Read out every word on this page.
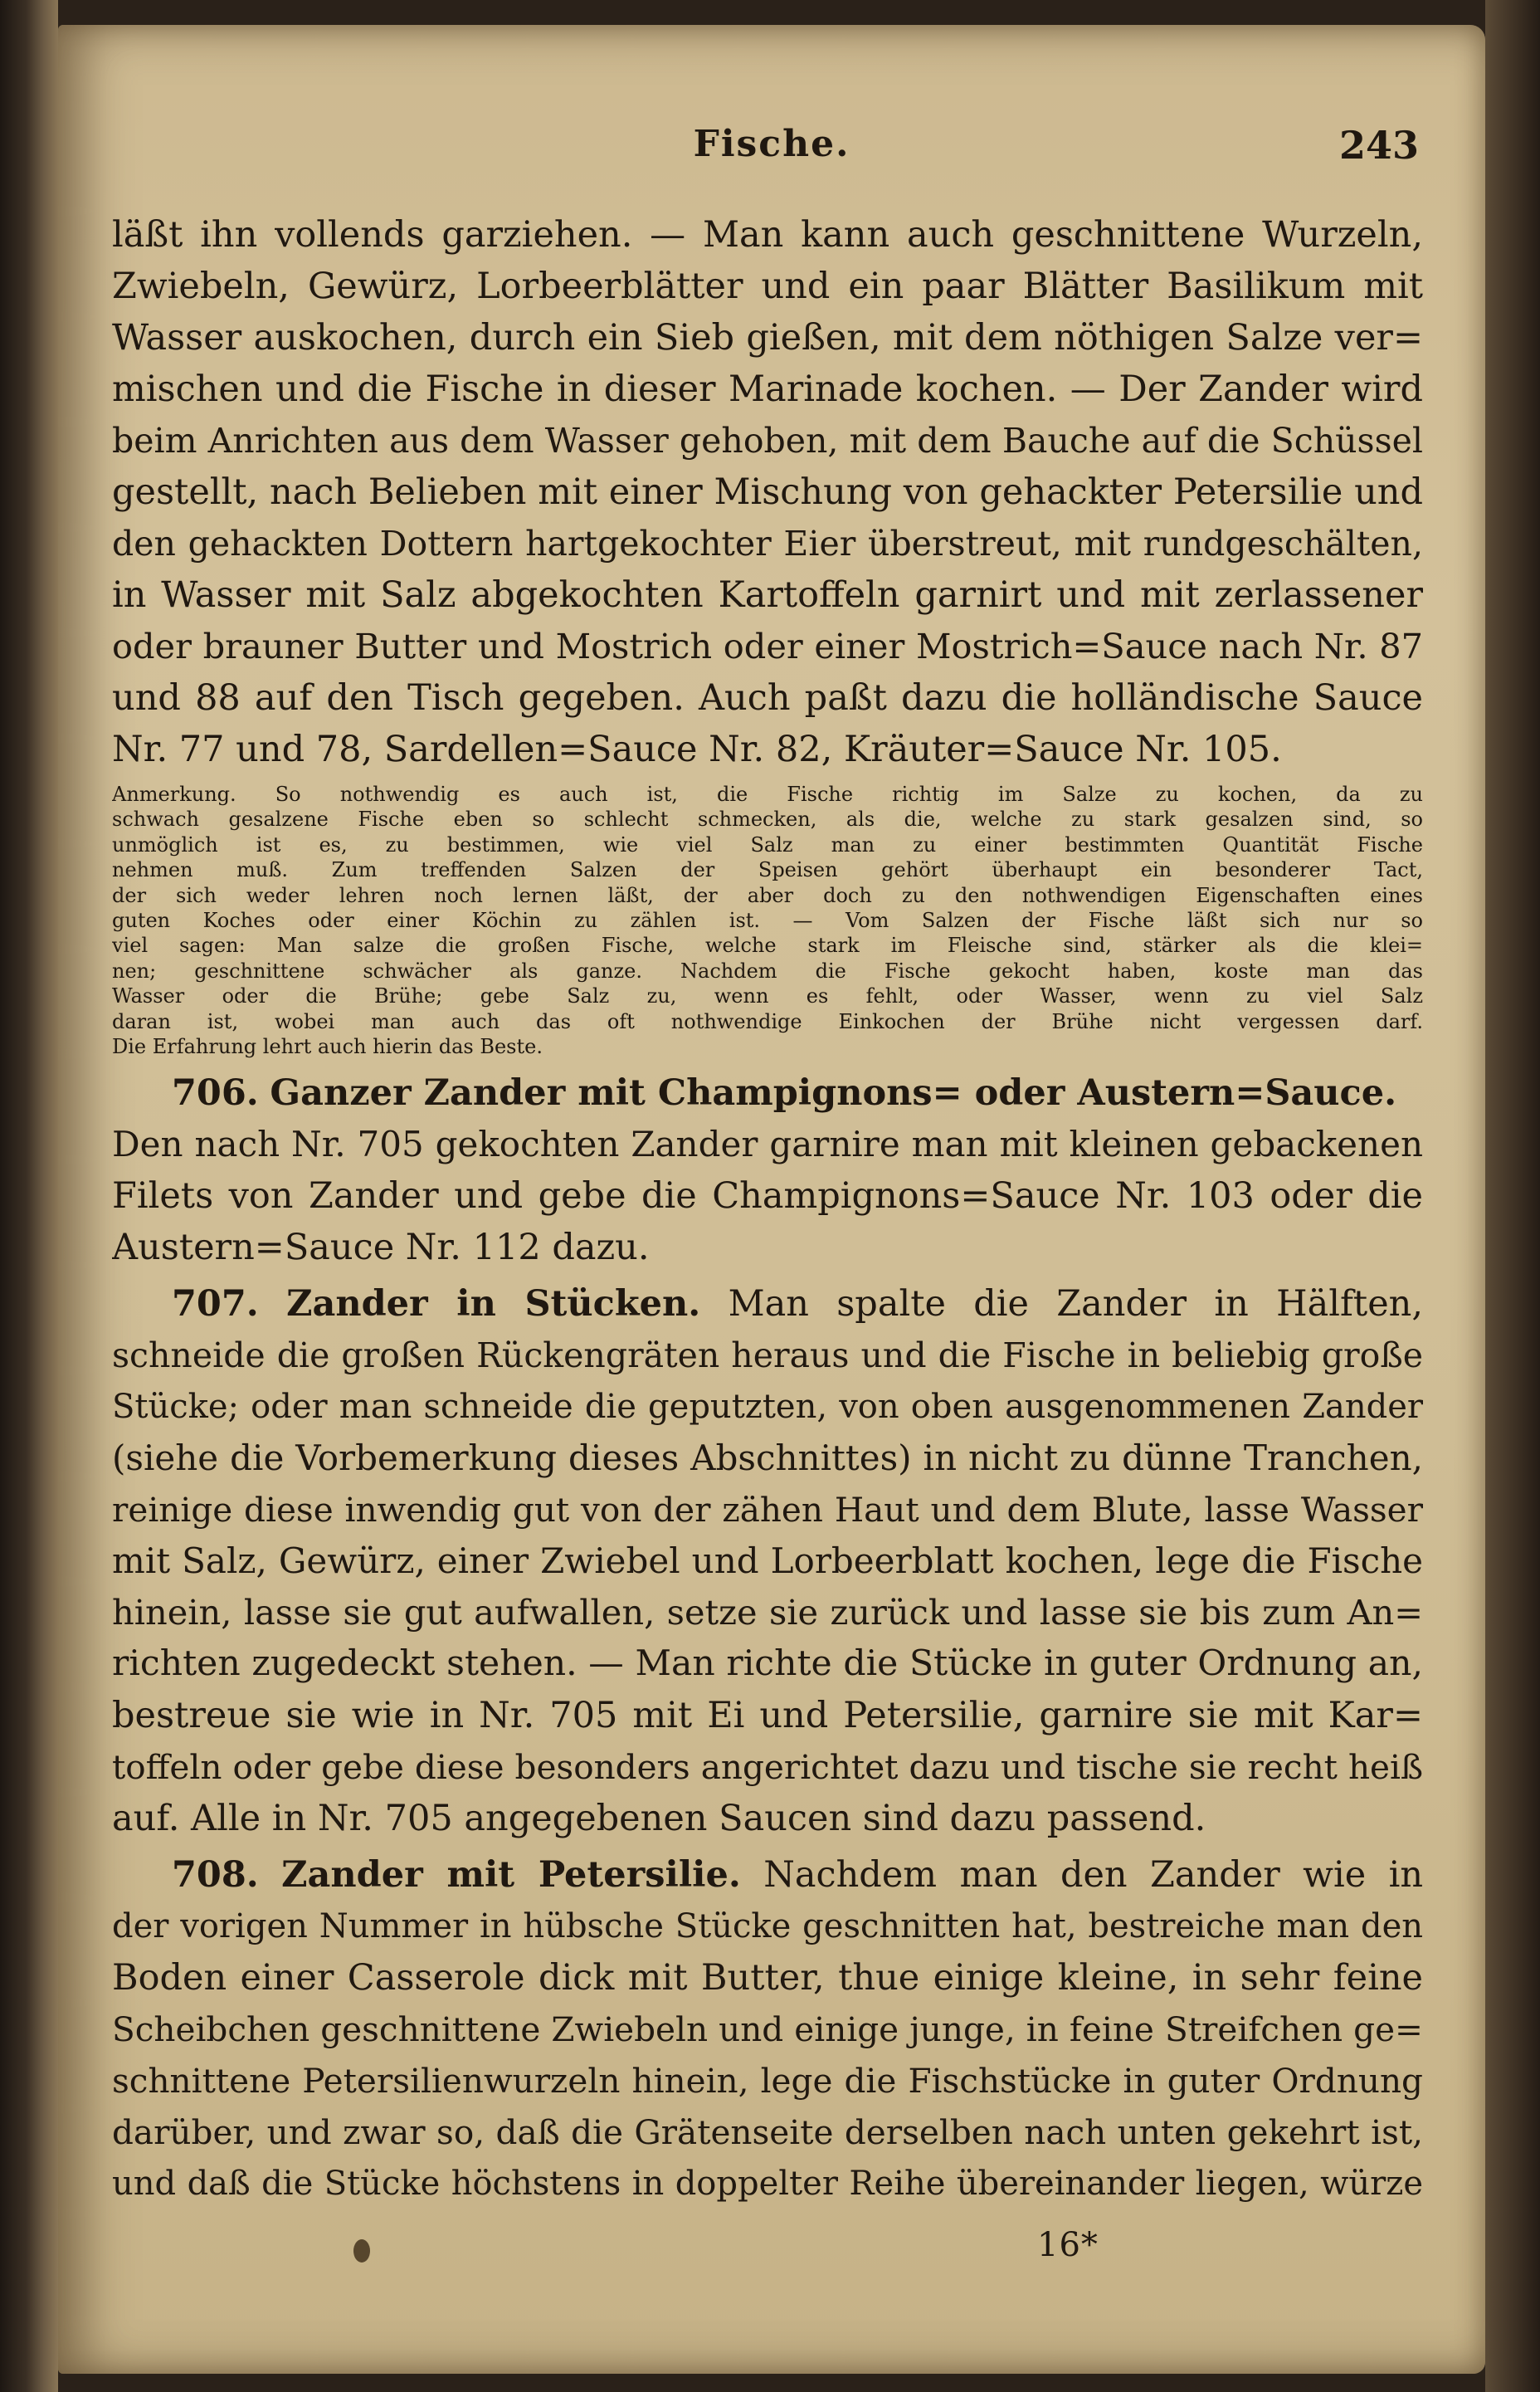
Fische.	243
läßt ihn vollends garziehen. — Man kann auch geschnittene Wurzeln,
Zwiebeln, Gewürz, Lorbeerblätter und ein paar Blätter Basilikum mit
Wasser auskochen, durch ein Sieb gießen, mit dem nöthigen Salze ver=
mischen und die Fische in dieser Marinade kochen. — Der Zander wird
beim Anrichten aus dem Wasser gehoben, mit dem Bauche auf die Schüssel
gestellt, nach Belieben mit einer Mischung von gehackter Petersilie und
den gehackten Dottern hartgekochter Eier überstreut, mit rundgeschälten,
in Wasser mit Salz abgekochten Kartoffeln garnirt und mit zerlassener
oder brauner Butter und Mostrich oder einer Mostrich=Sauce nach Nr. 87
und 88 auf den Tisch gegeben. Auch paßt dazu die holländische Sauce
Nr. 77 und 78, Sardellen=Sauce Nr. 82, Kräuter=Sauce Nr. 105.
Anmerkung. So nothwendig es auch ist, die Fische richtig im Salze zu kochen, da zu
schwach gesalzene Fische eben so schlecht schmecken, als die, welche zu stark gesalzen sind, so
unmöglich ist es, zu bestimmen, wie viel Salz man zu einer bestimmten Quantität Fische
nehmen muß. Zum treffenden Salzen der Speisen gehört überhaupt ein besonderer Tact,
der sich weder lehren noch lernen läßt, der aber doch zu den nothwendigen Eigenschaften eines
guten Koches oder einer Köchin zu zählen ist. — Vom Salzen der Fische läßt sich nur so
viel sagen: Man salze die großen Fische, welche stark im Fleische sind, stärker als die klei=
nen; geschnittene schwächer als ganze. Nachdem die Fische gekocht haben, koste man das
Wasser oder die Brühe; gebe Salz zu, wenn es fehlt, oder Wasser, wenn zu viel Salz
daran ist, wobei man auch das oft nothwendige Einkochen der Brühe nicht vergessen darf.
Die Erfahrung lehrt auch hierin das Beste.
706. Ganzer Zander mit Champignons= oder Austern=Sauce.
Den nach Nr. 705 gekochten Zander garnire man mit kleinen gebackenen
Filets von Zander und gebe die Champignons=Sauce Nr. 103 oder die
Austern=Sauce Nr. 112 dazu.
707. Zander in Stücken. Man spalte die Zander in Hälften,
schneide die großen Rückengräten heraus und die Fische in beliebig große
Stücke; oder man schneide die geputzten, von oben ausgenommenen Zander
(siehe die Vorbemerkung dieses Abschnittes) in nicht zu dünne Tranchen,
reinige diese inwendig gut von der zähen Haut und dem Blute, lasse Wasser
mit Salz, Gewürz, einer Zwiebel und Lorbeerblatt kochen, lege die Fische
hinein, lasse sie gut aufwallen, setze sie zurück und lasse sie bis zum An=
richten zugedeckt stehen. — Man richte die Stücke in guter Ordnung an,
bestreue sie wie in Nr. 705 mit Ei und Petersilie, garnire sie mit Kar=
toffeln oder gebe diese besonders angerichtet dazu und tische sie recht heiß
auf. Alle in Nr. 705 angegebenen Saucen sind dazu passend.
708. Zander mit Petersilie. Nachdem man den Zander wie in
der vorigen Nummer in hübsche Stücke geschnitten hat, bestreiche man den
Boden einer Casserole dick mit Butter, thue einige kleine, in sehr feine
Scheibchen geschnittene Zwiebeln und einige junge, in feine Streifchen ge=
schnittene Petersilienwurzeln hinein, lege die Fischstücke in guter Ordnung
darüber, und zwar so, daß die Grätenseite derselben nach unten gekehrt ist,
und daß die Stücke höchstens in doppelter Reihe übereinander liegen, würze
16*
